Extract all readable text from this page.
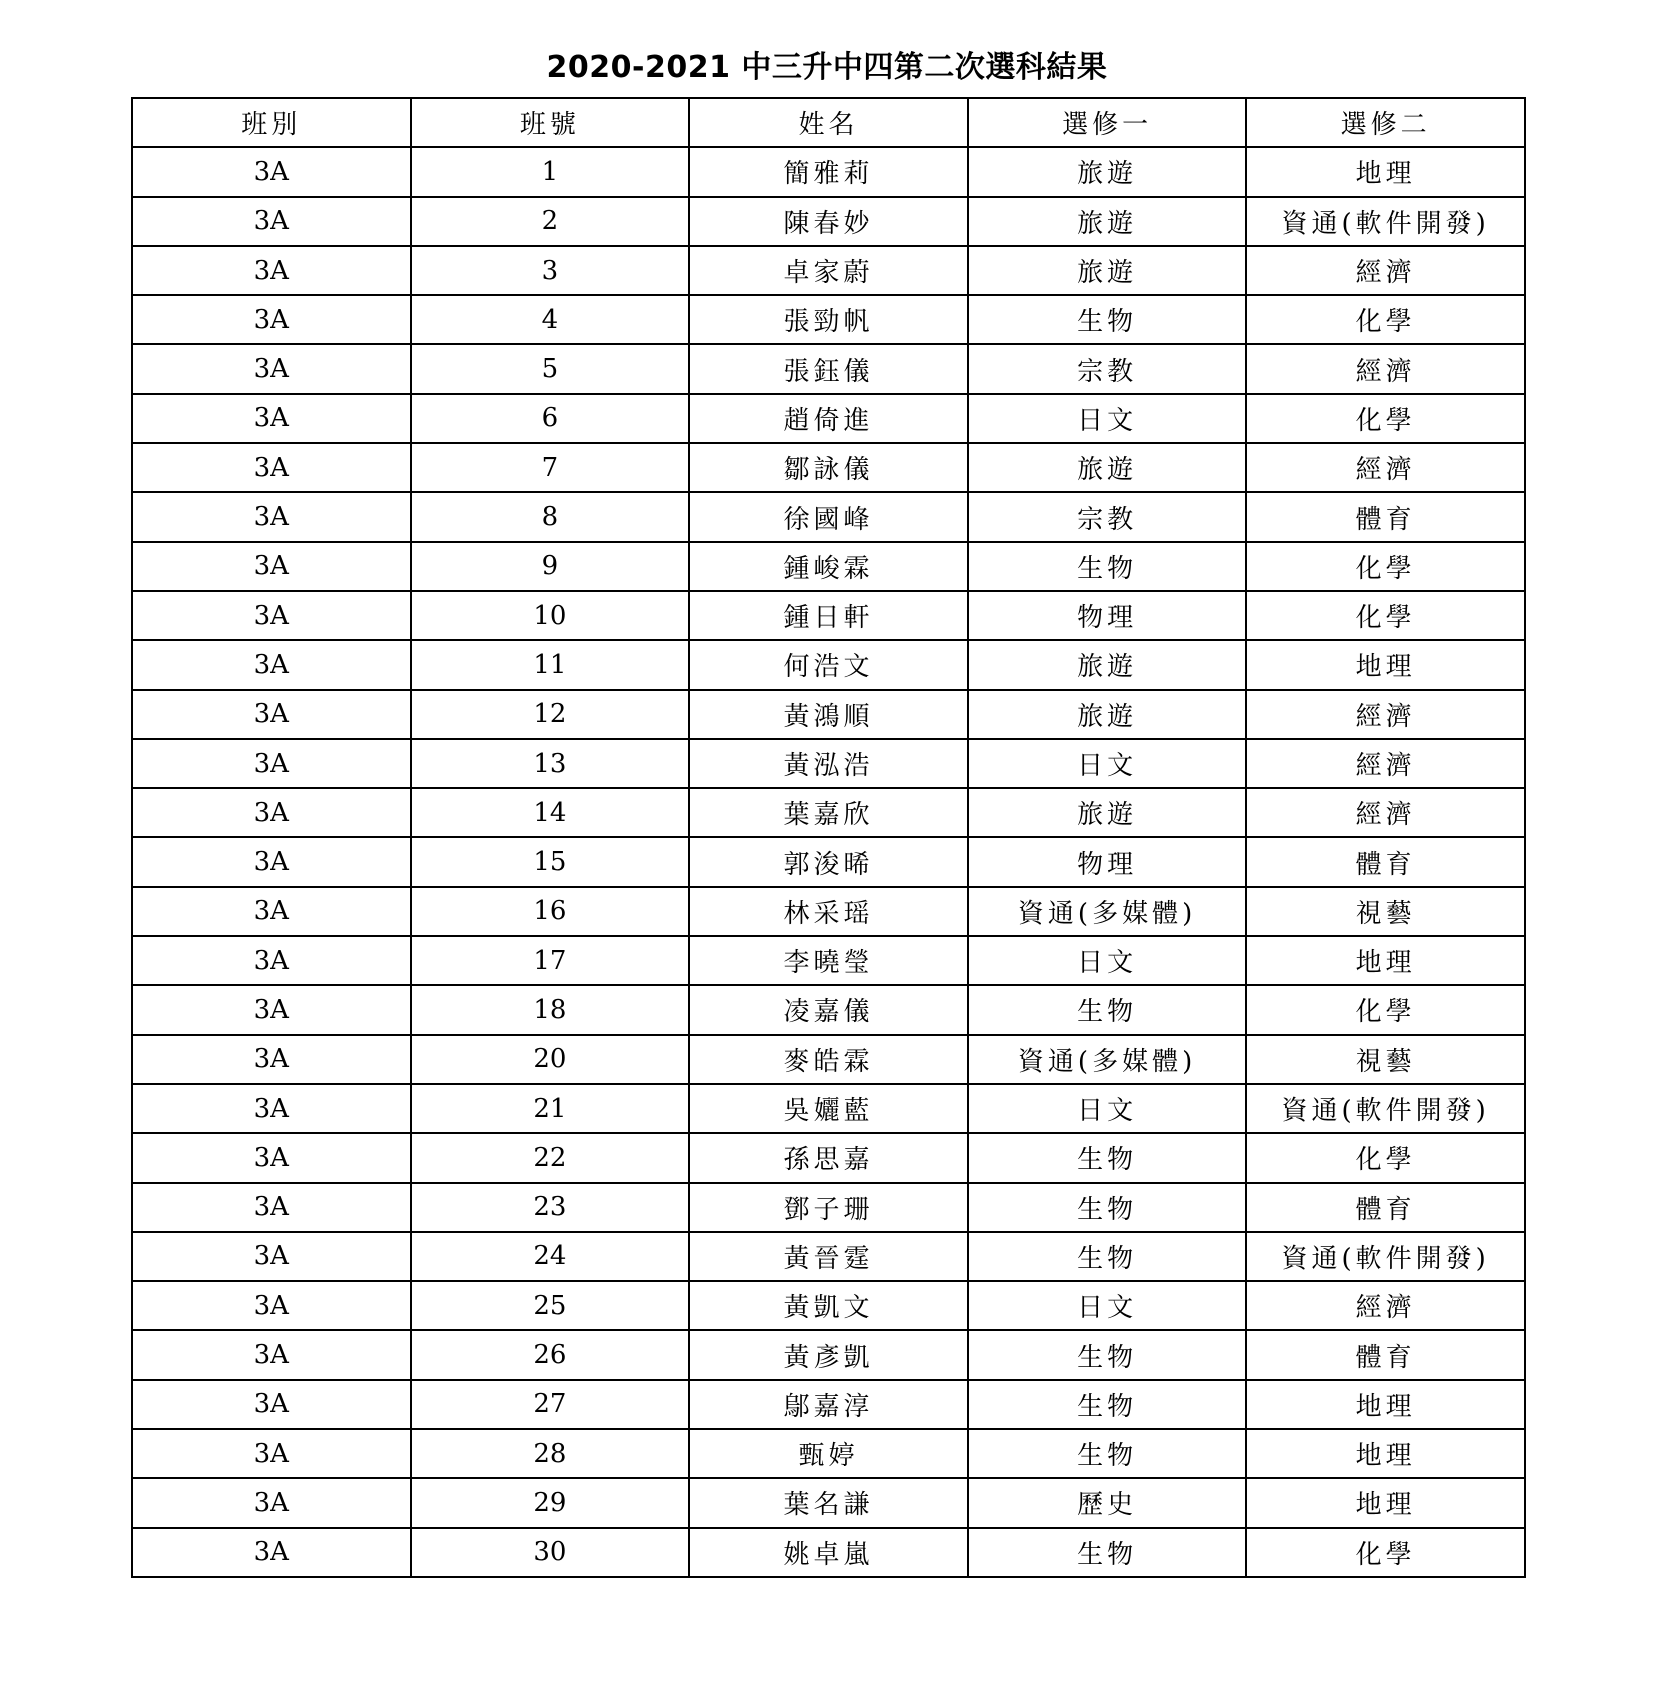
2020-2021 中三升中四第二次選科結果
班別	班號	姓名	選修一	選修二
3A	1	簡雅莉	旅遊	地理
3A	2	陳春妙	旅遊	資通(軟件開發)
3A	3	卓家蔚	旅遊	經濟
3A	4	張勁帆	生物	化學
3A	5	張鈺儀	宗教	經濟
3A	6	趙倚進	日文	化學
3A	7	鄒詠儀	旅遊	經濟
3A	8	徐國峰	宗教	體育
3A	9	鍾峻霖	生物	化學
3A	10	鍾日軒	物理	化學
3A	11	何浩文	旅遊	地理
3A	12	黃鴻順	旅遊	經濟
3A	13	黃泓浩	日文	經濟
3A	14	葉嘉欣	旅遊	經濟
3A	15	郭浚晞	物理	體育
3A	16	林采瑶	資通(多媒體)	視藝
3A	17	李曉瑩	日文	地理
3A	18	凌嘉儀	生物	化學
3A	20	麥皓霖	資通(多媒體)	視藝
3A	21	吳孋藍	日文	資通(軟件開發)
3A	22	孫思嘉	生物	化學
3A	23	鄧子珊	生物	體育
3A	24	黃晉霆	生物	資通(軟件開發)
3A	25	黃凱文	日文	經濟
3A	26	黃彥凱	生物	體育
3A	27	鄔嘉淳	生物	地理
3A	28	甄婷	生物	地理
3A	29	葉名謙	歷史	地理
3A	30	姚卓嵐	生物	化學
